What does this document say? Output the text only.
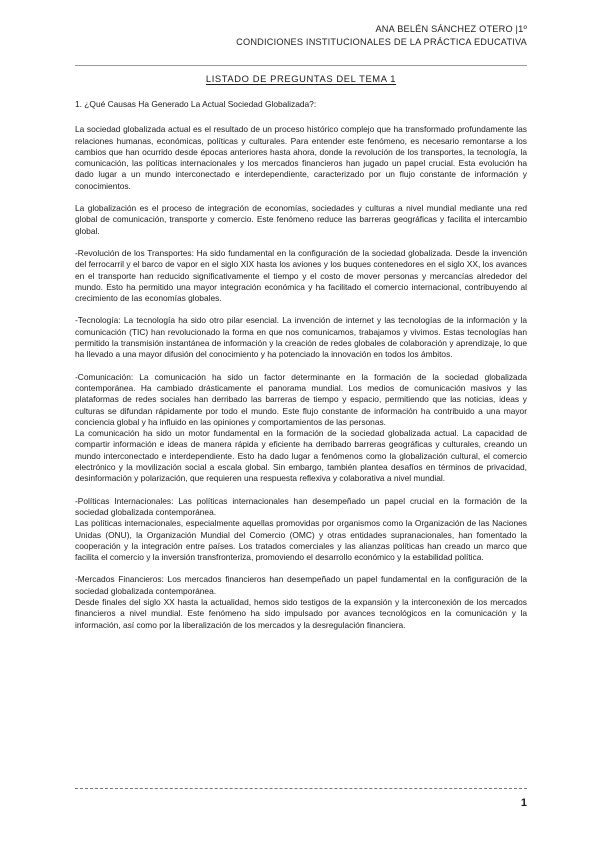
ANA BELÉN SÁNCHEZ OTERO |1º
CONDICIONES INSTITUCIONALES DE LA PRÁCTICA EDUCATIVA
LISTADO DE PREGUNTAS DEL TEMA 1

1. ¿Qué Causas Ha Generado La Actual Sociedad Globalizada?:

La sociedad globalizada actual es el resultado de un proceso histórico complejo que ha transformado profundamente las relaciones humanas, económicas, políticas y culturales. Para entender este fenómeno, es necesario remontarse a los cambios que han ocurrido desde épocas anteriores hasta ahora, donde la revolución de los transportes, la tecnología, la comunicación, las políticas internacionales y los mercados financieros han jugado un papel crucial. Esta evolución ha dado lugar a un mundo interconectado e interdependiente, caracterizado por un flujo constante de información y conocimientos.

La globalización es el proceso de integración de economías, sociedades y culturas a nivel mundial mediante una red global de comunicación, transporte y comercio. Este fenómeno reduce las barreras geográficas y facilita el intercambio global.

-Revolución de los Transportes: Ha sido fundamental en la configuración de la sociedad globalizada. Desde la invención del ferrocarril y el barco de vapor en el siglo XIX hasta los aviones y los buques contenedores en el siglo XX, los avances en el transporte han reducido significativamente el tiempo y el costo de mover personas y mercancías alrededor del mundo. Esto ha permitido una mayor integración económica y ha facilitado el comercio internacional, contribuyendo al crecimiento de las economías globales.

-Tecnología: La tecnología ha sido otro pilar esencial. La invención de internet y las tecnologías de la información y la comunicación (TIC) han revolucionado la forma en que nos comunicamos, trabajamos y vivimos. Estas tecnologías han permitido la transmisión instantánea de información y la creación de redes globales de colaboración y aprendizaje, lo que ha llevado a una mayor difusión del conocimiento y ha potenciado la innovación en todos los ámbitos.

-Comunicación: La comunicación ha sido un factor determinante en la formación de la sociedad globalizada contemporánea. Ha cambiado drásticamente el panorama mundial. Los medios de comunicación masivos y las plataformas de redes sociales han derribado las barreras de tiempo y espacio, permitiendo que las noticias, ideas y culturas se difundan rápidamente por todo el mundo. Este flujo constante de información ha contribuido a una mayor conciencia global y ha influido en las opiniones y comportamientos de las personas.

La comunicación ha sido un motor fundamental en la formación de la sociedad globalizada actual. La capacidad de compartir información e ideas de manera rápida y eficiente ha derribado barreras geográficas y culturales, creando un mundo interconectado e interdependiente. Esto ha dado lugar a fenómenos como la globalización cultural, el comercio electrónico y la movilización social a escala global. Sin embargo, también plantea desafíos en términos de privacidad, desinformación y polarización, que requieren una respuesta reflexiva y colaborativa a nivel mundial.

-Políticas Internacionales: Las políticas internacionales han desempeñado un papel crucial en la formación de la sociedad globalizada contemporánea.

Las políticas internacionales, especialmente aquellas promovidas por organismos como la Organización de las Naciones Unidas (ONU), la Organización Mundial del Comercio (OMC) y otras entidades supranacionales, han fomentado la cooperación y la integración entre países. Los tratados comerciales y las alianzas políticas han creado un marco que facilita el comercio y la inversión transfronteriza, promoviendo el desarrollo económico y la estabilidad política.

-Mercados Financieros: Los mercados financieros han desempeñado un papel fundamental en la configuración de la sociedad globalizada contemporánea.

Desde finales del siglo XX hasta la actualidad, hemos sido testigos de la expansión y la interconexión de los mercados financieros a nivel mundial. Este fenómeno ha sido impulsado por avances tecnológicos en la comunicación y la información, así como por la liberalización de los mercados y la desregulación financiera.

1
